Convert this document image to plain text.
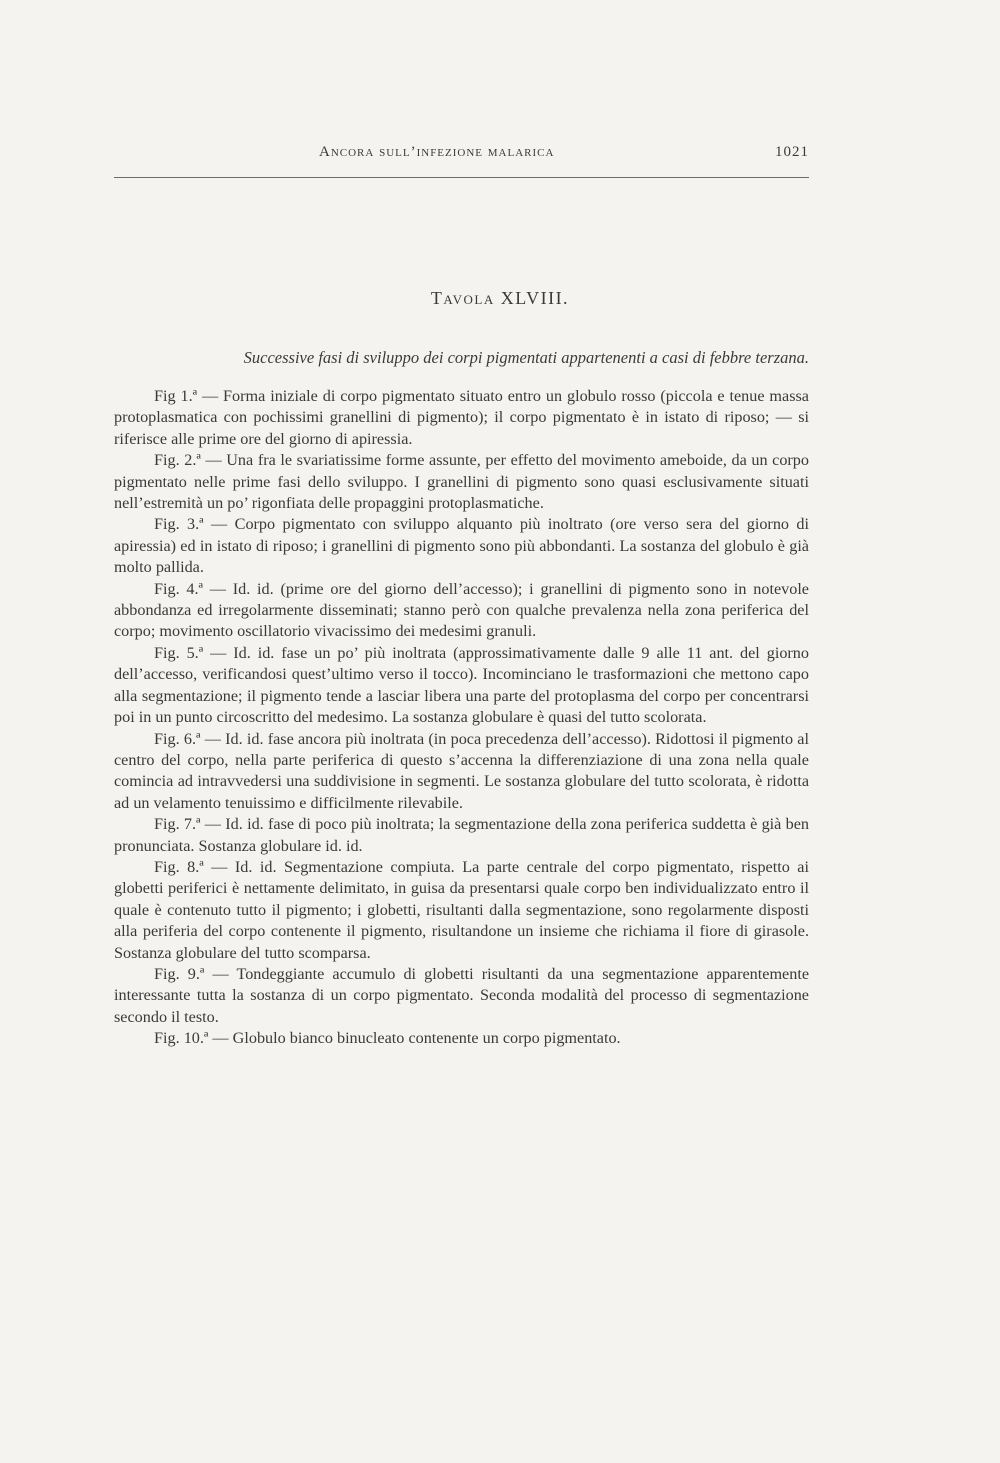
Ancora sull’infezione malarica	1021
Tavola XLVIII.
Successive fasi di sviluppo dei corpi pigmentati appartenenti a casi di febbre terzana.

Fig 1.ª — Forma iniziale di corpo pigmentato situato entro un globulo rosso (piccola e tenue massa protoplasmatica con pochissimi granellini di pigmento); il corpo pigmentato è in istato di riposo; — si riferisce alle prime ore del giorno di apiressia.

Fig. 2.ª — Una fra le svariatissime forme assunte, per effetto del movimento ameboide, da un corpo pigmentato nelle prime fasi dello sviluppo. I granellini di pigmento sono quasi esclusivamente situati nell’estremità un po’ rigonfiata delle propaggini protoplasmatiche.

Fig. 3.ª — Corpo pigmentato con sviluppo alquanto più inoltrato (ore verso sera del giorno di apiressia) ed in istato di riposo; i granellini di pigmento sono più abbondanti. La sostanza del globulo è già molto pallida.

Fig. 4.ª — Id. id. (prime ore del giorno dell’accesso); i granellini di pigmento sono in notevole abbondanza ed irregolarmente disseminati; stanno però con qualche prevalenza nella zona periferica del corpo; movimento oscillatorio vivacissimo dei medesimi granuli.

Fig. 5.ª — Id. id. fase un po’ più inoltrata (approssimativamente dalle 9 alle 11 ant. del giorno dell’accesso, verificandosi quest’ultimo verso il tocco). Incominciano le trasformazioni che mettono capo alla segmentazione; il pigmento tende a lasciar libera una parte del protoplasma del corpo per concentrarsi poi in un punto circoscritto del medesimo. La sostanza globulare è quasi del tutto scolorata.

Fig. 6.ª — Id. id. fase ancora più inoltrata (in poca precedenza dell’accesso). Ridottosi il pigmento al centro del corpo, nella parte periferica di questo s’accenna la differenziazione di una zona nella quale comincia ad intravvedersi una suddivisione in segmenti. Le sostanza globulare del tutto scolorata, è ridotta ad un velamento tenuissimo e difficilmente rilevabile.

Fig. 7.ª — Id. id. fase di poco più inoltrata; la segmentazione della zona periferica suddetta è già ben pronunciata. Sostanza globulare id. id.

Fig. 8.ª — Id. id. Segmentazione compiuta. La parte centrale del corpo pigmentato, rispetto ai globetti periferici è nettamente delimitato, in guisa da presentarsi quale corpo ben individualizzato entro il quale è contenuto tutto il pigmento; i globetti, risultanti dalla segmentazione, sono regolarmente disposti alla periferia del corpo contenente il pigmento, risultandone un insieme che richiama il fiore di girasole. Sostanza globulare del tutto scomparsa.

Fig. 9.ª — Tondeggiante accumulo di globetti risultanti da una segmentazione apparentemente interessante tutta la sostanza di un corpo pigmentato. Seconda modalità del processo di segmentazione secondo il testo.

Fig. 10.ª — Globulo bianco binucleato contenente un corpo pigmentato.
